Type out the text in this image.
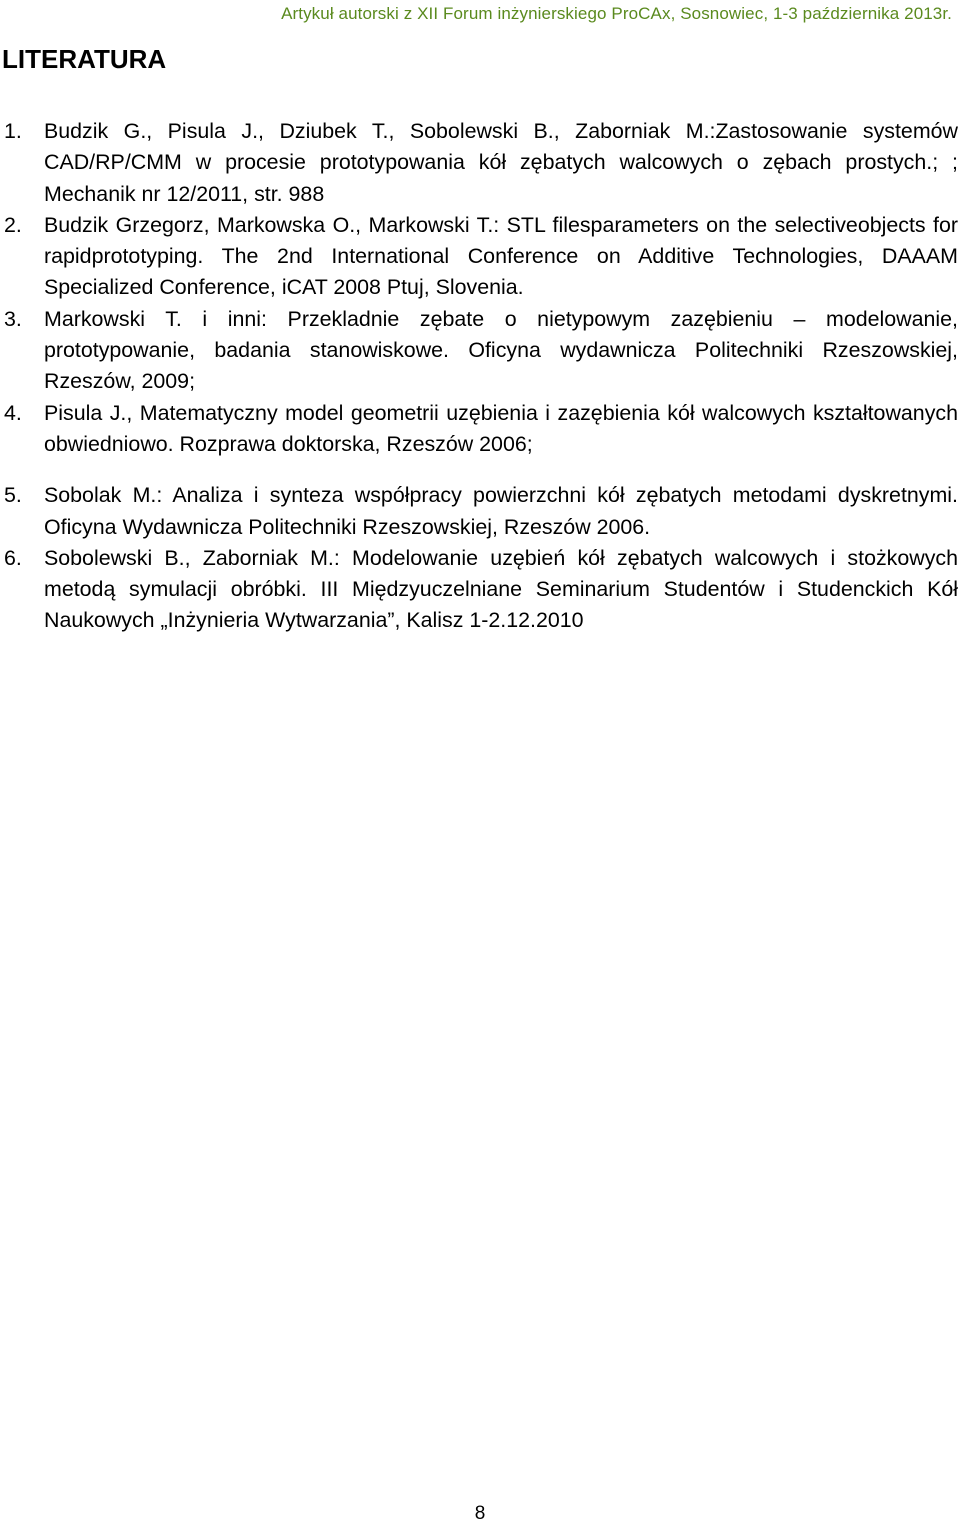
Artykuł autorski z XII Forum inżynierskiego ProCAx, Sosnowiec, 1-3 października 2013r.
LITERATURA
1. Budzik G., Pisula J., Dziubek T., Sobolewski B., Zaborniak M.:Zastosowanie systemów CAD/RP/CMM w procesie prototypowania kół zębatych walcowych o zębach prostych.; ; Mechanik nr 12/2011, str. 988
2. Budzik Grzegorz, Markowska O., Markowski T.: STL filesparameters on the selectiveobjects for rapidprototyping. The 2nd International Conference on Additive Technologies, DAAAM Specialized Conference, iCAT 2008 Ptuj, Slovenia.
3. Markowski T. i inni: Przekladnie zębate o nietypowym zazębieniu – modelowanie, prototypowanie, badania stanowiskowe. Oficyna wydawnicza Politechniki Rzeszowskiej, Rzeszów, 2009;
4. Pisula J., Matematyczny model geometrii uzębienia i zazębienia kół walcowych kształtowanych obwiedniowo. Rozprawa doktorska, Rzeszów 2006;
5. Sobolak M.: Analiza i synteza współpracy powierzchni kół zębatych metodami dyskretnymi. Oficyna Wydawnicza Politechniki Rzeszowskiej, Rzeszów 2006.
6. Sobolewski B., Zaborniak M.: Modelowanie uzębień kół zębatych walcowych i stożkowych metodą symulacji obróbki. III Międzyuczelniane Seminarium Studentów i Studenckich Kół Naukowych „Inżynieria Wytwarzania”, Kalisz 1-2.12.2010
8
